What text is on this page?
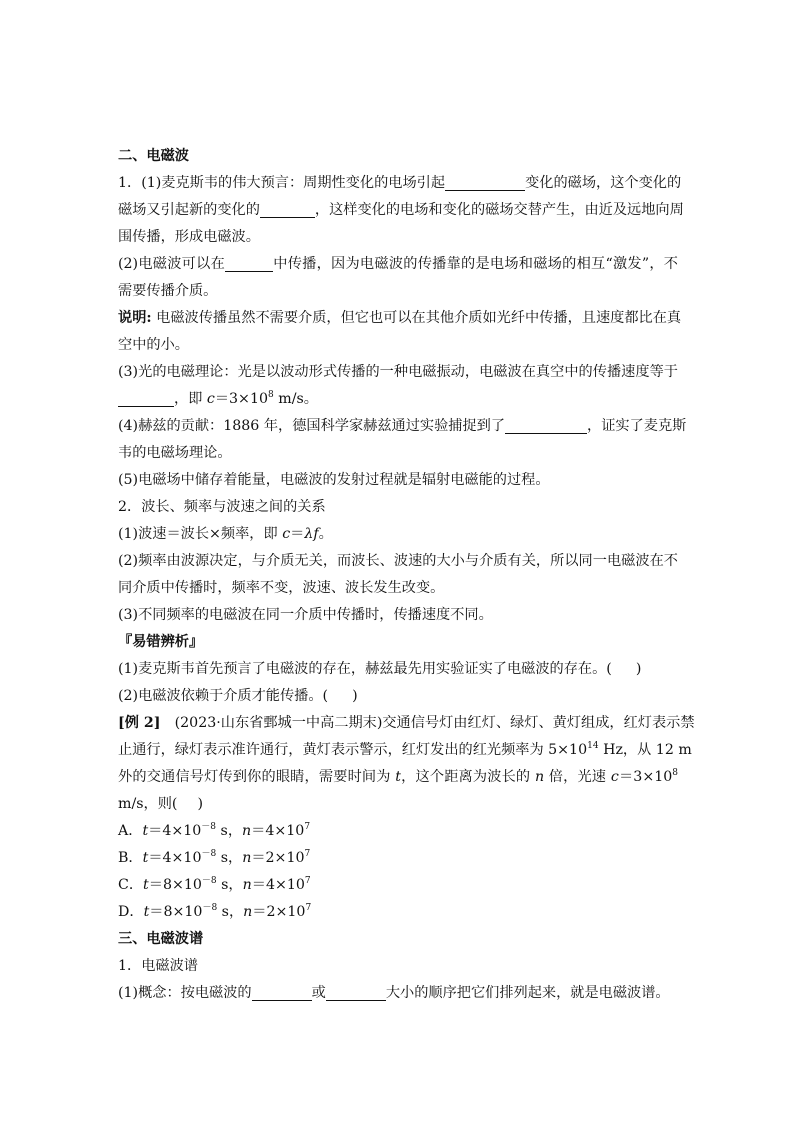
二、电磁波
1．(1)麦克斯韦的伟大预言：周期性变化的电场引起	变化的磁场，这个变化的
磁场又引起新的变化的	，这样变化的电场和变化的磁场交替产生，由近及远地向周
围传播，形成电磁波。
(2)电磁波可以在	中传播，因为电磁波的传播靠的是电场和磁场的相互“激发”，不
需要传播介质。
说明: 电磁波传播虽然不需要介质，但它也可以在其他介质如光纤中传播，且速度都比在真
空中的小。
(3)光的电磁理论：光是以波动形式传播的一种电磁振动，电磁波在真空中的传播速度等于
，即 $c=3\times 10^8$ m/s。
(4)赫兹的贡献：1886 年，德国科学家赫兹通过实验捕捉到了	，证实了麦克斯
韦的电磁场理论。
(5)电磁场中储存着能量，电磁波的发射过程就是辐射电磁能的过程。
2．波长、频率与波速之间的关系
(1)波速＝波长×频率，即 c＝λf。
(2)频率由波源决定，与介质无关，而波长、波速的大小与介质有关，所以同一电磁波在不
同介质中传播时，频率不变，波速、波长发生改变。
(3)不同频率的电磁波在同一介质中传播时，传播速度不同。
『易错辨析』
(1)麦克斯韦首先预言了电磁波的存在，赫兹最先用实验证实了电磁波的存在。( )
(2)电磁波依赖于介质才能传播。( )
[例 2]　(2023·山东省鄄城一中高二期末)交通信号灯由红灯、绿灯、黄灯组成，红灯表示禁
止通行，绿灯表示准许通行，黄灯表示警示，红灯发出的红光频率为 $5\times 10^{14}$ Hz，从 12 m
外的交通信号灯传到你的眼睛，需要时间为 t，这个距离为波长的 n 倍，光速 $c=3\times 10^8$
m/s，则( )
A．$t=4\times 10^{-8}$ s，$n=4\times 10^7$
B．$t=4\times 10^{-8}$ s，$n=2\times 10^7$
C．$t=8\times 10^{-8}$ s，$n=4\times 10^7$
D．$t=8\times 10^{-8}$ s，$n=2\times 10^7$
三、电磁波谱
1．电磁波谱
(1)概念：按电磁波的	或	大小的顺序把它们排列起来，就是电磁波谱。
